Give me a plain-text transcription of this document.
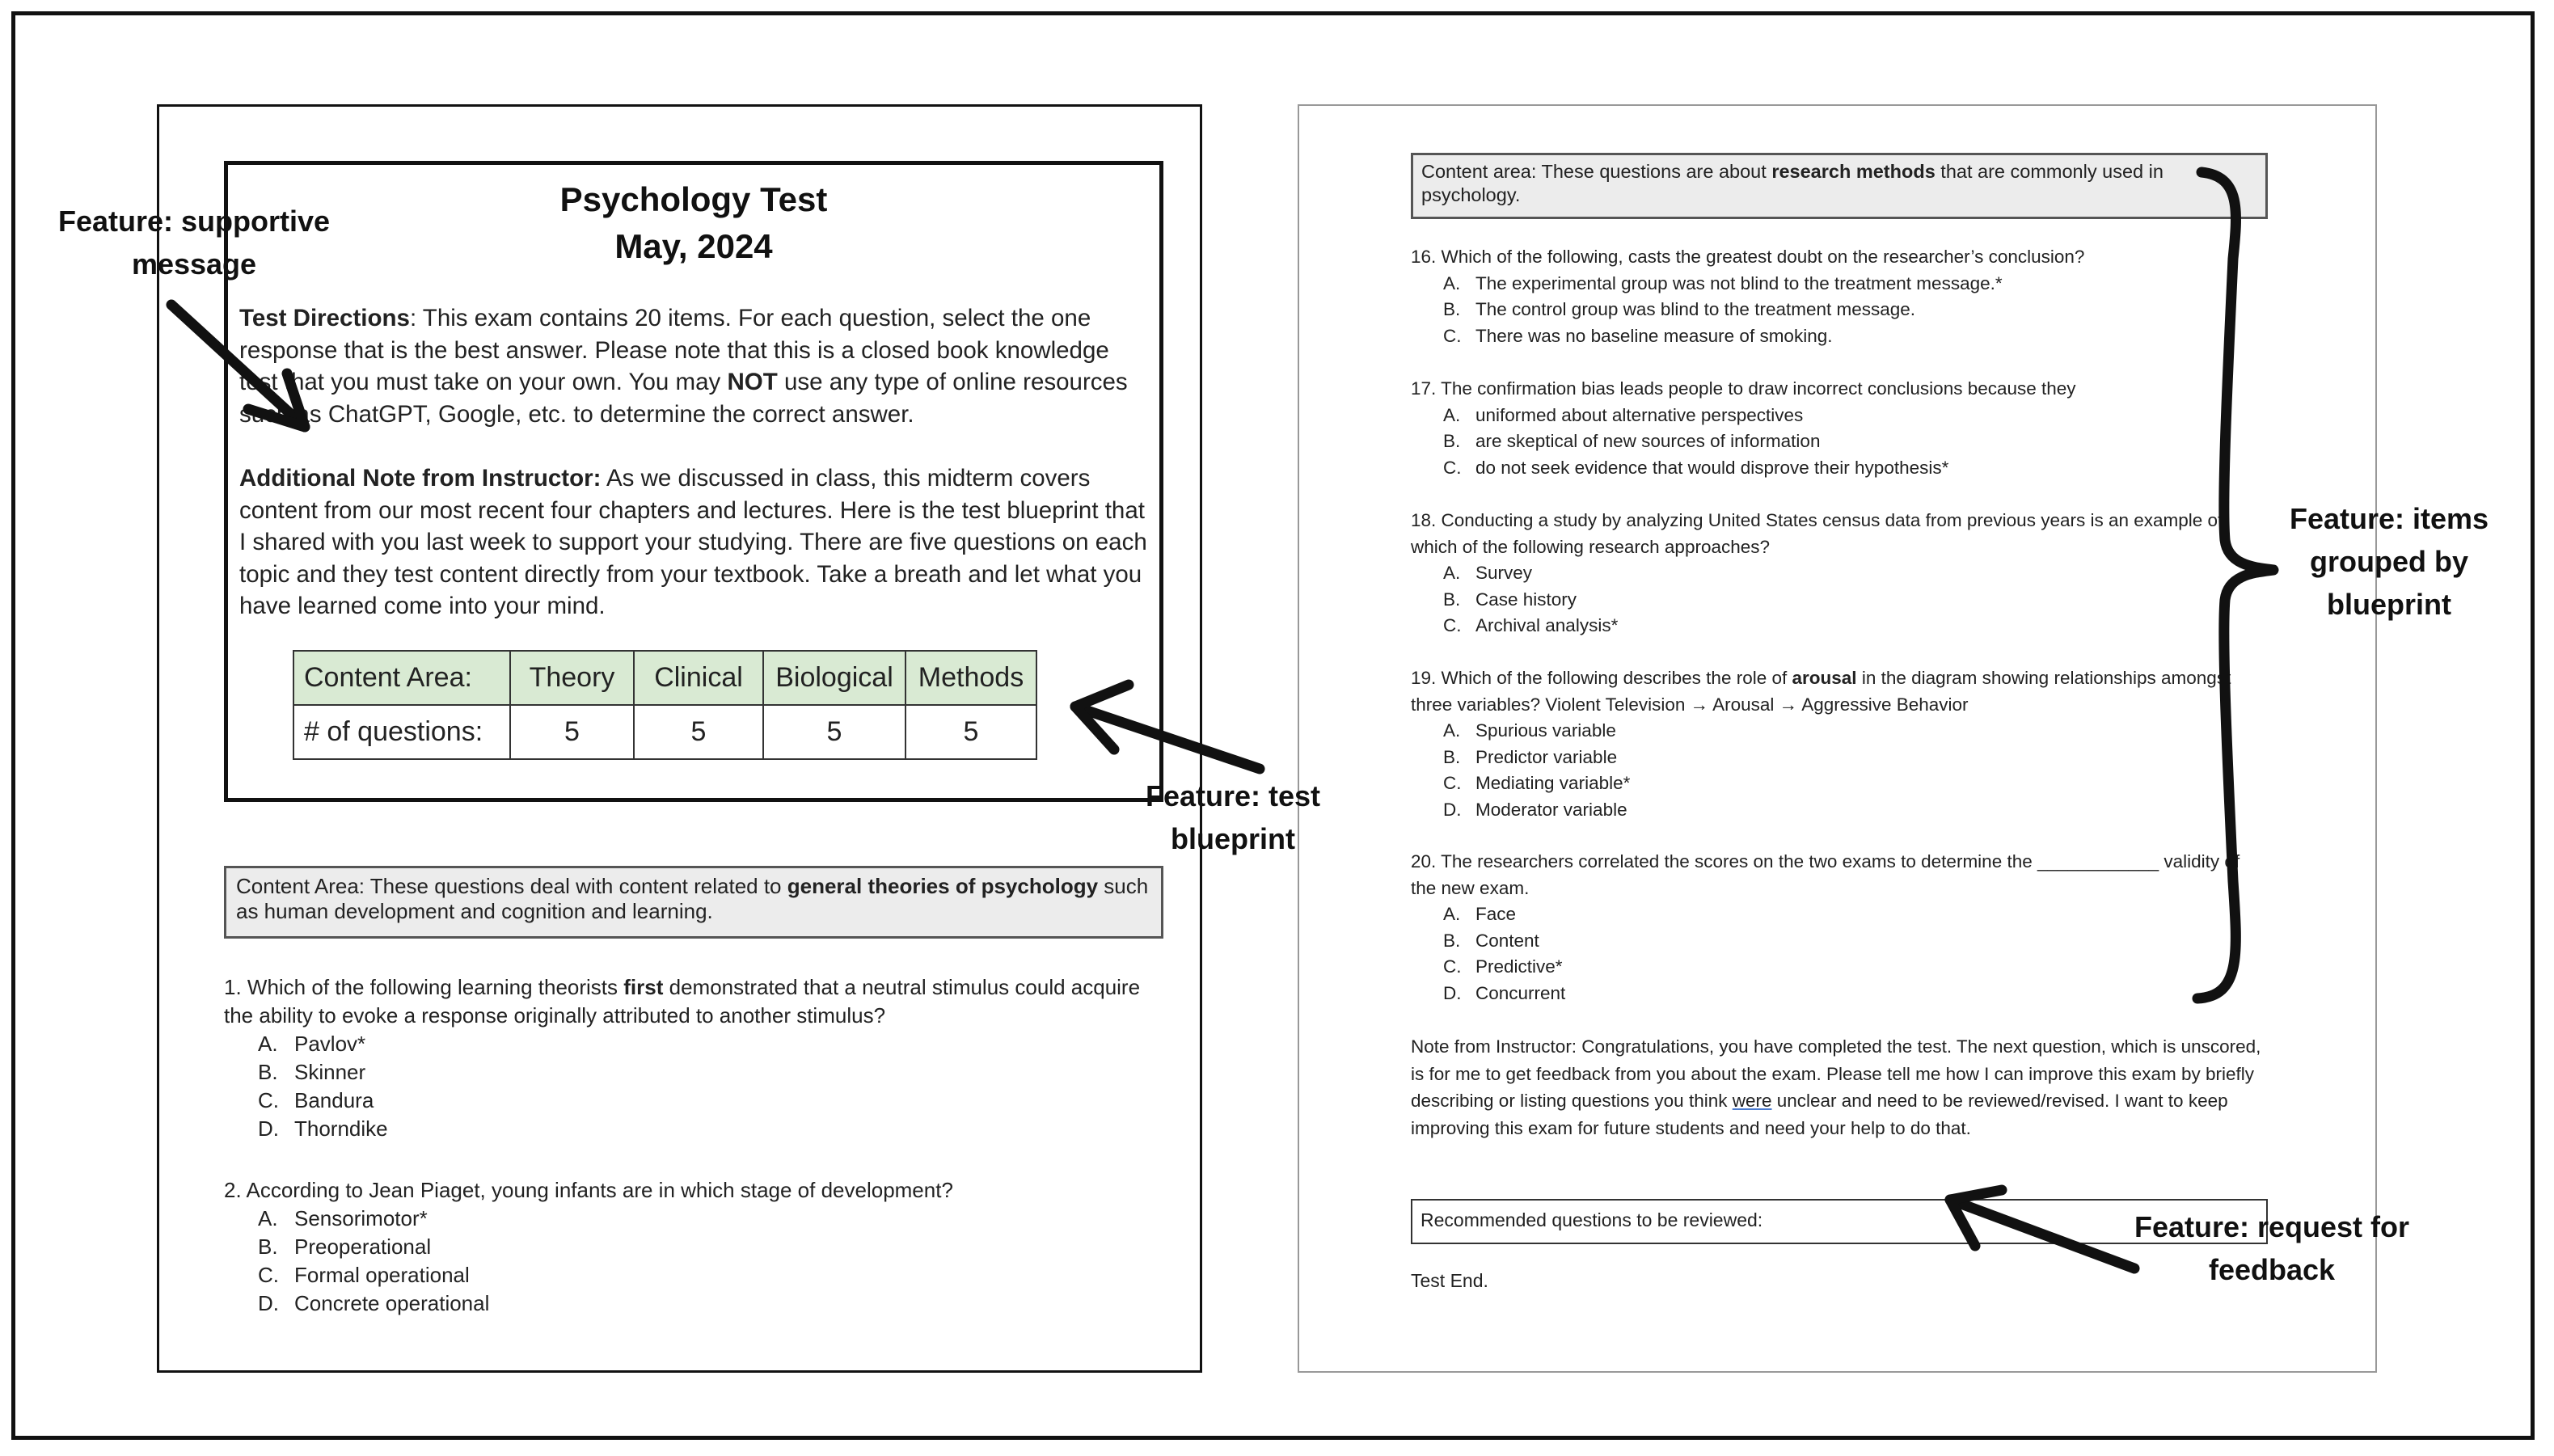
Psychology Test
May, 2024
Test Directions: This exam contains 20 items. For each question, select the one response that is the best answer. Please note that this is a closed book knowledge test that you must take on your own. You may NOT use any type of online resources such as ChatGPT, Google, etc. to determine the correct answer.
Additional Note from Instructor: As we discussed in class, this midterm covers content from our most recent four chapters and lectures. Here is the test blueprint that I shared with you last week to support your studying. There are five questions on each topic and they test content directly from your textbook. Take a breath and let what you have learned come into your mind.
Content Area:	Theory	Clinical	Biological	Methods
# of questions:	5	5	5	5
Content Area: These questions deal with content related to general theories of psychology such as human development and cognition and learning.
1. Which of the following learning theorists first demonstrated that a neutral stimulus could acquire the ability to evoke a response originally attributed to another stimulus?
A. Pavlov*
B. Skinner
C. Bandura
D. Thorndike
2. According to Jean Piaget, young infants are in which stage of development?
A. Sensorimotor*
B. Preoperational
C. Formal operational
D. Concrete operational
Content area: These questions are about research methods that are commonly used in psychology.
16. Which of the following, casts the greatest doubt on the researcher’s conclusion?
A. The experimental group was not blind to the treatment message.*
B. The control group was blind to the treatment message.
C. There was no baseline measure of smoking.
17. The confirmation bias leads people to draw incorrect conclusions because they
A. uniformed about alternative perspectives
B. are skeptical of new sources of information
C. do not seek evidence that would disprove their hypothesis*
18. Conducting a study by analyzing United States census data from previous years is an example of which of the following research approaches?
A. Survey
B. Case history
C. Archival analysis*
19. Which of the following describes the role of arousal in the diagram showing relationships amongst three variables? Violent Television → Arousal → Aggressive Behavior
A. Spurious variable
B. Predictor variable
C. Mediating variable*
D. Moderator variable
20. The researchers correlated the scores on the two exams to determine the ____________ validity of the new exam.
A. Face
B. Content
C. Predictive*
D. Concurrent
Note from Instructor: Congratulations, you have completed the test. The next question, which is unscored, is for me to get feedback from you about the exam. Please tell me how I can improve this exam by briefly describing or listing questions you think were unclear and need to be reviewed/revised. I want to keep improving this exam for future students and need your help to do that.
Recommended questions to be reviewed:
Test End.
Feature: supportive
message
Feature: test
blueprint
Feature: items
grouped by
blueprint
Feature: request for
feedback
